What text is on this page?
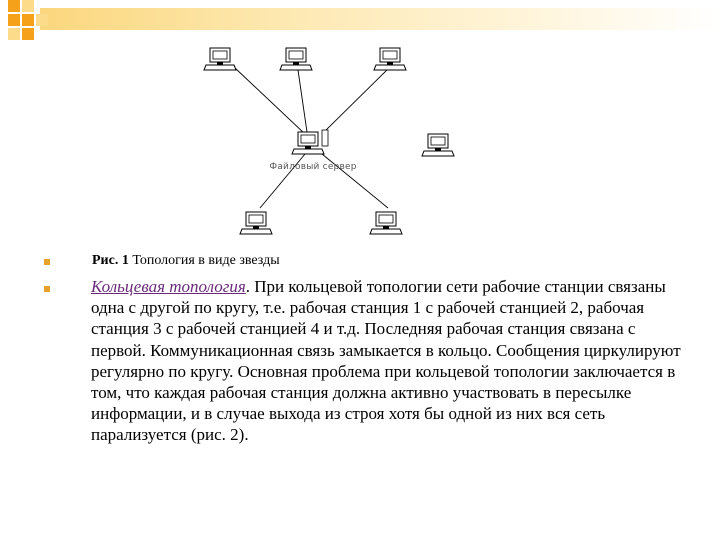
Файловый сервер
Рис. 1 Топология в виде звезды
Кольцевая топология. При кольцевой топологии сети рабочие станции связаны одна с другой по кругу, т.е. рабочая станция 1 с рабочей станцией 2, рабочая станция 3 с рабочей станцией 4 и т.д. Последняя рабочая станция связана с первой. Коммуникационная связь замыкается в кольцо. Сообщения циркулируют регулярно по кругу. Основная проблема при кольцевой топологии заключается в том, что каждая рабочая станция должна активно участвовать в пересылке информации, и в случае выхода из строя хотя бы одной из них вся сеть парализуется (рис. 2).
